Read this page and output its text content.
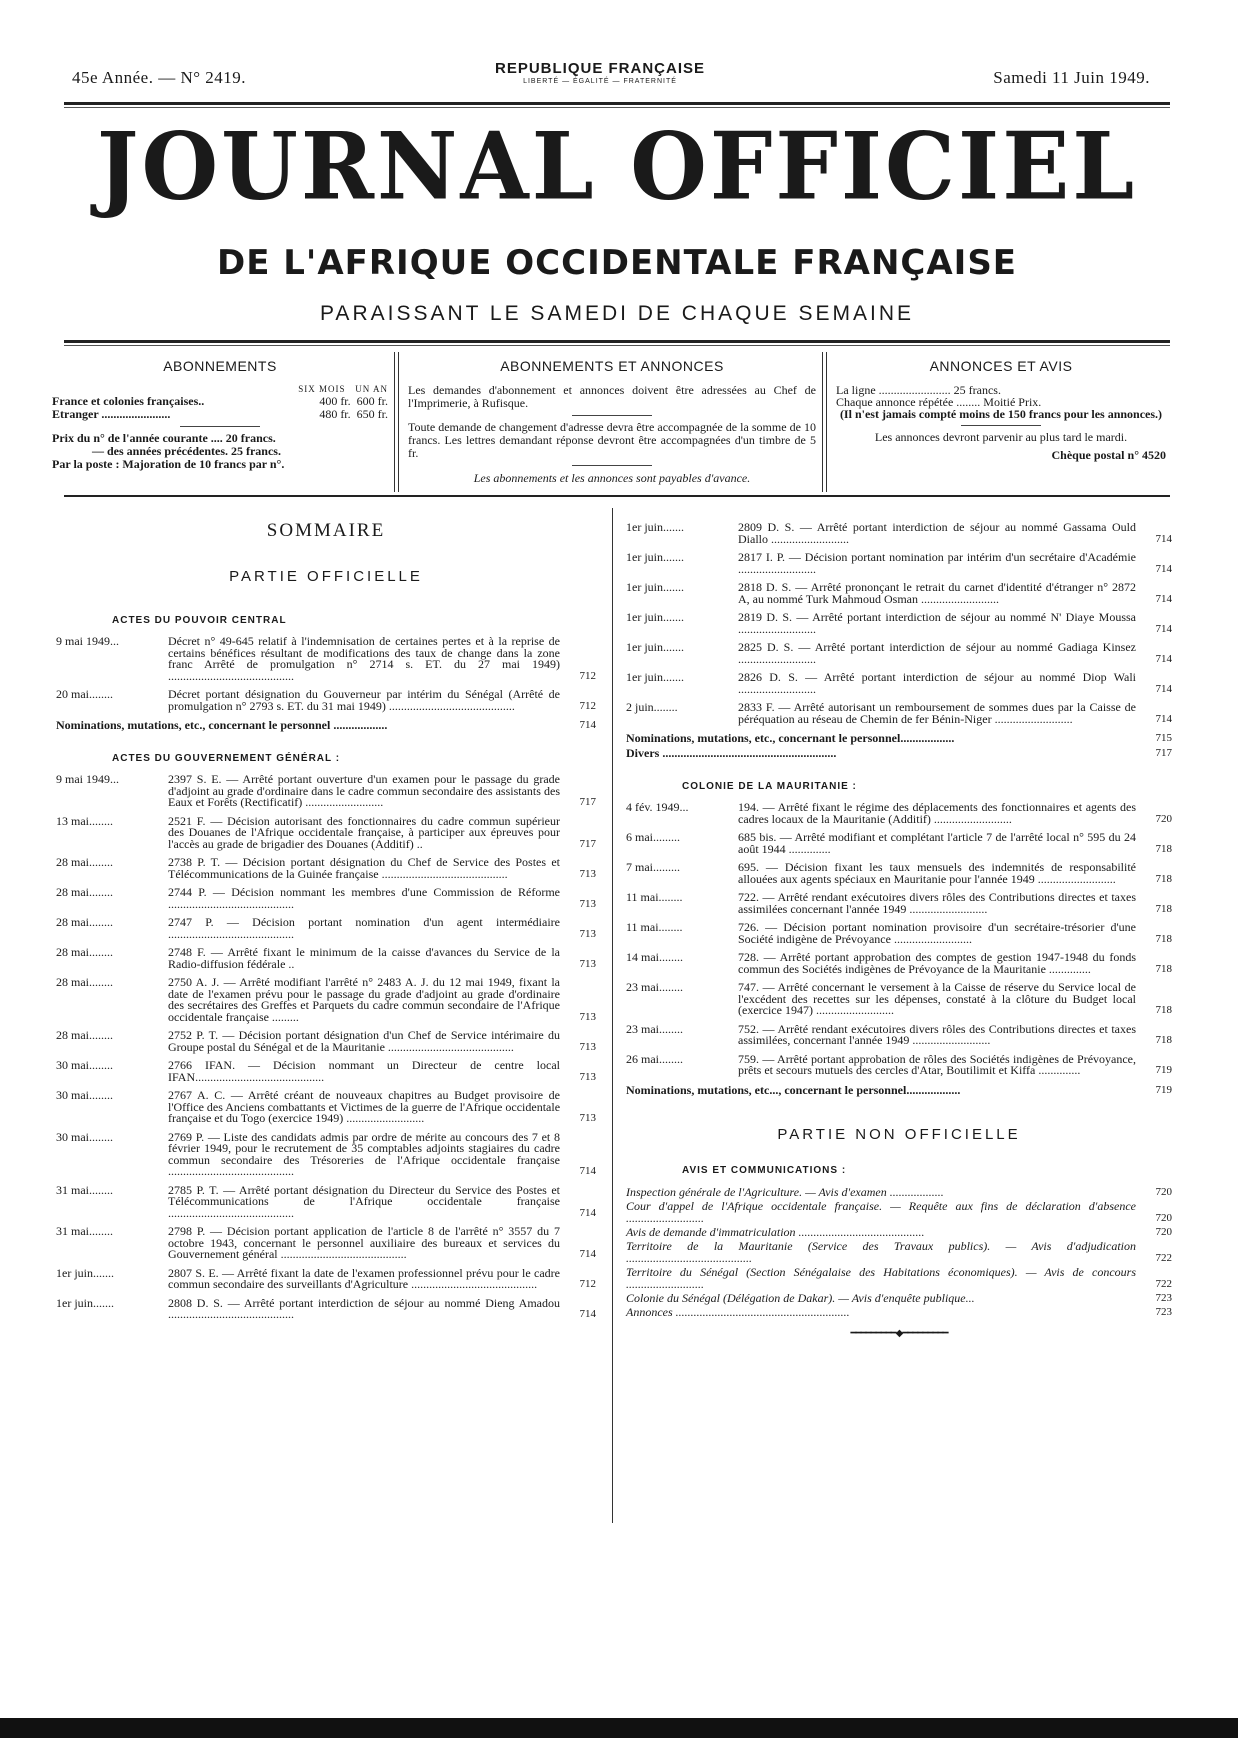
45e Année. — N° 2419.	REPUBLIQUE FRANÇAISE
LIBERTÉ — ÉGALITÉ — FRATERNITÉ	Samedi 11 Juin 1949.
JOURNAL OFFICIEL
DE L'AFRIQUE OCCIDENTALE FRANÇAISE
PARAISSANT LE SAMEDI DE CHAQUE SEMAINE
ABONNEMENTS
SIX MOIS UN AN
France et colonies françaises..	400 fr. 600 fr.
Etranger .......................	480 fr. 650 fr.
Prix du n° de l'année courante .... 20 francs.
— des années précédentes. 25 francs.
Par la poste : Majoration de 10 francs par n°.
ABONNEMENTS ET ANNONCES
Les demandes d'abonnement et annonces doivent être adressées au Chef de l'Imprimerie, à Rufisque.
Toute demande de changement d'adresse devra être accompagnée de la somme de 10 francs. Les lettres demandant réponse devront être accompagnées d'un timbre de 5 fr.
Les abonnements et les annonces sont payables d'avance.
ANNONCES ET AVIS
La ligne ........................ 25 francs.
Chaque annonce répétée ........ Moitié Prix.
(Il n'est jamais compté moins de 150 francs pour les annonces.)
Les annonces devront parvenir au plus tard le mardi.
Chèque postal n° 4520
SOMMAIRE
PARTIE OFFICIELLE
ACTES DU POUVOIR CENTRAL
9 mai 1949...	Décret n° 49-645 relatif à l'indemnisation de certaines pertes et à la reprise de certains bénéfices résultant de modifications des taux de change dans la zone franc Arrêté de promulgation n° 2714 s. ET. du 27 mai 1949) ..........................................	712
20 mai........	Décret portant désignation du Gouverneur par intérim du Sénégal (Arrêté de promulgation n° 2793 s. ET. du 31 mai 1949) ..........................................	712
Nominations, mutations, etc., concernant le personnel ..................	714
ACTES DU GOUVERNEMENT GÉNÉRAL :
9 mai 1949...	2397 S. E. — Arrêté portant ouverture d'un examen pour le passage du grade d'adjoint au grade d'ordinaire dans le cadre commun secondaire des assistants des Eaux et Forêts (Rectificatif) ..........................	717
13 mai........	2521 F. — Décision autorisant des fonctionnaires du cadre commun supérieur des Douanes de l'Afrique occidentale française, à participer aux épreuves pour l'accès au grade de brigadier des Douanes (Additif) ..	717
28 mai........	2738 P. T. — Décision portant désignation du Chef de Service des Postes et Télécommunications de la Guinée française ..........................................	713
28 mai........	2744 P. — Décision nommant les membres d'une Commission de Réforme ..........................................	713
28 mai........	2747 P. — Décision portant nomination d'un agent intermédiaire ..........................................	713
28 mai........	2748 F. — Arrêté fixant le minimum de la caisse d'avances du Service de la Radio-diffusion fédérale ..	713
28 mai........	2750 A. J. — Arrêté modifiant l'arrêté n° 2483 A. J. du 12 mai 1949, fixant la date de l'examen prévu pour le passage du grade d'adjoint au grade d'ordinaire des secrétaires des Greffes et Parquets du cadre commun secondaire de l'Afrique occidentale française .........	713
28 mai........	2752 P. T. — Décision portant désignation d'un Chef de Service intérimaire du Groupe postal du Sénégal et de la Mauritanie ..........................................	713
30 mai........	2766 IFAN. — Décision nommant un Directeur de centre local IFAN...........................................	713
30 mai........	2767 A. C. — Arrêté créant de nouveaux chapitres au Budget provisoire de l'Office des Anciens combattants et Victimes de la guerre de l'Afrique occidentale française et du Togo (exercice 1949) ..........................	713
30 mai........	2769 P. — Liste des candidats admis par ordre de mérite au concours des 7 et 8 février 1949, pour le recrutement de 35 comptables adjoints stagiaires du cadre commun secondaire des Trésoreries de l'Afrique occidentale française ..........................................	714
31 mai........	2785 P. T. — Arrêté portant désignation du Directeur du Service des Postes et Télécommunications de l'Afrique occidentale française ..........................................	714
31 mai........	2798 P. — Décision portant application de l'article 8 de l'arrêté n° 3557 du 7 octobre 1943, concernant le personnel auxiliaire des bureaux et services du Gouvernement général ..........................................	714
1er juin.......	2807 S. E. — Arrêté fixant la date de l'examen professionnel prévu pour le cadre commun secondaire des surveillants d'Agriculture ..........................................	712
1er juin.......	2808 D. S. — Arrêté portant interdiction de séjour au nommé Dieng Amadou ..........................................	714
1er juin.......	2809 D. S. — Arrêté portant interdiction de séjour au nommé Gassama Ould Diallo ..........................	714
1er juin.......	2817 I. P. — Décision portant nomination par intérim d'un secrétaire d'Académie ..........................	714
1er juin.......	2818 D. S. — Arrêté prononçant le retrait du carnet d'identité d'étranger n° 2872 A, au nommé Turk Mahmoud Osman ..........................	714
1er juin.......	2819 D. S. — Arrêté portant interdiction de séjour au nommé N' Diaye Moussa ..........................	714
1er juin.......	2825 D. S. — Arrêté portant interdiction de séjour au nommé Gadiaga Kinsez ..........................	714
1er juin.......	2826 D. S. — Arrêté portant interdiction de séjour au nommé Diop Wali ..........................	714
2 juin........	2833 F. — Arrêté autorisant un remboursement de sommes dues par la Caisse de péréquation au réseau de Chemin de fer Bénin-Niger ..........................	714
Nominations, mutations, etc., concernant le personnel..................	715
Divers ..........................................................	717
COLONIE DE LA MAURITANIE :
4 fév. 1949...	194. — Arrêté fixant le régime des déplacements des fonctionnaires et agents des cadres locaux de la Mauritanie (Additif) ..........................	720
6 mai.........	685 bis. — Arrêté modifiant et complétant l'article 7 de l'arrêté local n° 595 du 24 août 1944 ..............	718
7 mai.........	695. — Décision fixant les taux mensuels des indemnités de responsabilité allouées aux agents spéciaux en Mauritanie pour l'année 1949 ..........................	718
11 mai........	722. — Arrêté rendant exécutoires divers rôles des Contributions directes et taxes assimilées concernant l'année 1949 ..........................	718
11 mai........	726. — Décision portant nomination provisoire d'un secrétaire-trésorier d'une Société indigène de Prévoyance ..........................	718
14 mai........	728. — Arrêté portant approbation des comptes de gestion 1947-1948 du fonds commun des Sociétés indigènes de Prévoyance de la Mauritanie ..............	718
23 mai........	747. — Arrêté concernant le versement à la Caisse de réserve du Service local de l'excédent des recettes sur les dépenses, constaté à la clôture du Budget local (exercice 1947) ..........................	718
23 mai........	752. — Arrêté rendant exécutoires divers rôles des Contributions directes et taxes assimilées, concernant l'année 1949 ..........................	718
26 mai........	759. — Arrêté portant approbation de rôles des Sociétés indigènes de Prévoyance, prêts et secours mutuels des cercles d'Atar, Boutilimit et Kiffa ..............	719
Nominations, mutations, etc..., concernant le personnel..................	719
PARTIE NON OFFICIELLE
AVIS ET COMMUNICATIONS :
Inspection générale de l'Agriculture. — Avis d'examen ..................	720
Cour d'appel de l'Afrique occidentale française. — Requête aux fins de déclaration d'absence ..........................	720
Avis de demande d'immatriculation ..........................................	720
Territoire de la Mauritanie (Service des Travaux publics). — Avis d'adjudication ..........................................	722
Territoire du Sénégal (Section Sénégalaise des Habitations économiques). — Avis de concours ..........................	722
Colonie du Sénégal (Délégation de Dakar). — Avis d'enquête publique...	723
Annonces ..........................................................	723
━━━━━━━━━◆━━━━━━━━━
